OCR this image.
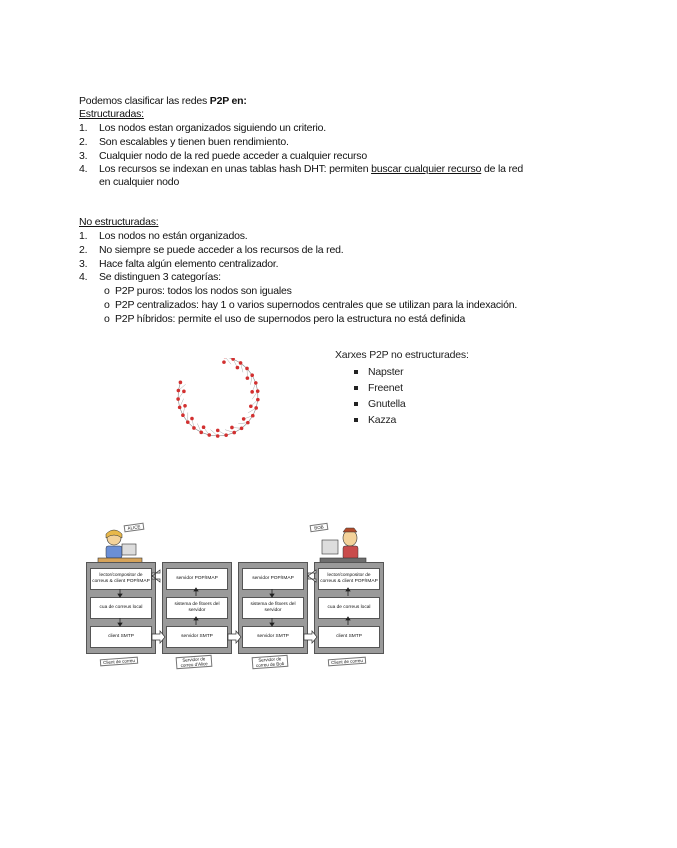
Podemos clasificar las redes P2P en:
Estructuradas:
1. Los nodos estan organizados siguiendo un criterio.
2. Son escalables y tienen buen rendimiento.
3. Cualquier nodo de la red puede acceder a cualquier recurso
4. Los recursos se indexan en unas tablas hash DHT: permiten buscar cualquier recurso de la red
en cualquier nodo
No estructuradas:
1. Los nodos no están organizados.
2. No siempre se puede acceder a los recursos de la red.
3. Hace falta algún elemento centralizador.
4. Se distinguen 3 categorías:
o P2P puros: todos los nodos son iguales
o P2P centralizados: hay 1 o varios supernodos centrales que se utilizan para la indexación.
o P2P híbridos: permite el uso de supernodos pero la estructura no está definida
Xarxes P2P no estructurades:
Napster
Freenet
Gnutella
Kazza
ALICE	BOB
lector/compositor de correus & client POP/IMAP
cua de correus local
client SMTP
servidor POP/IMAP
sistema de fitxers del servidor
servidor SMTP
servidor POP/IMAP
sistema de fitxers del servidor
servidor SMTP
lector/compositor de correus & client POP/IMAP
cua de correus local
client SMTP
Client de correu	Servidor de correu d'Alice
Servidor de correu de Bob	Client de correu
